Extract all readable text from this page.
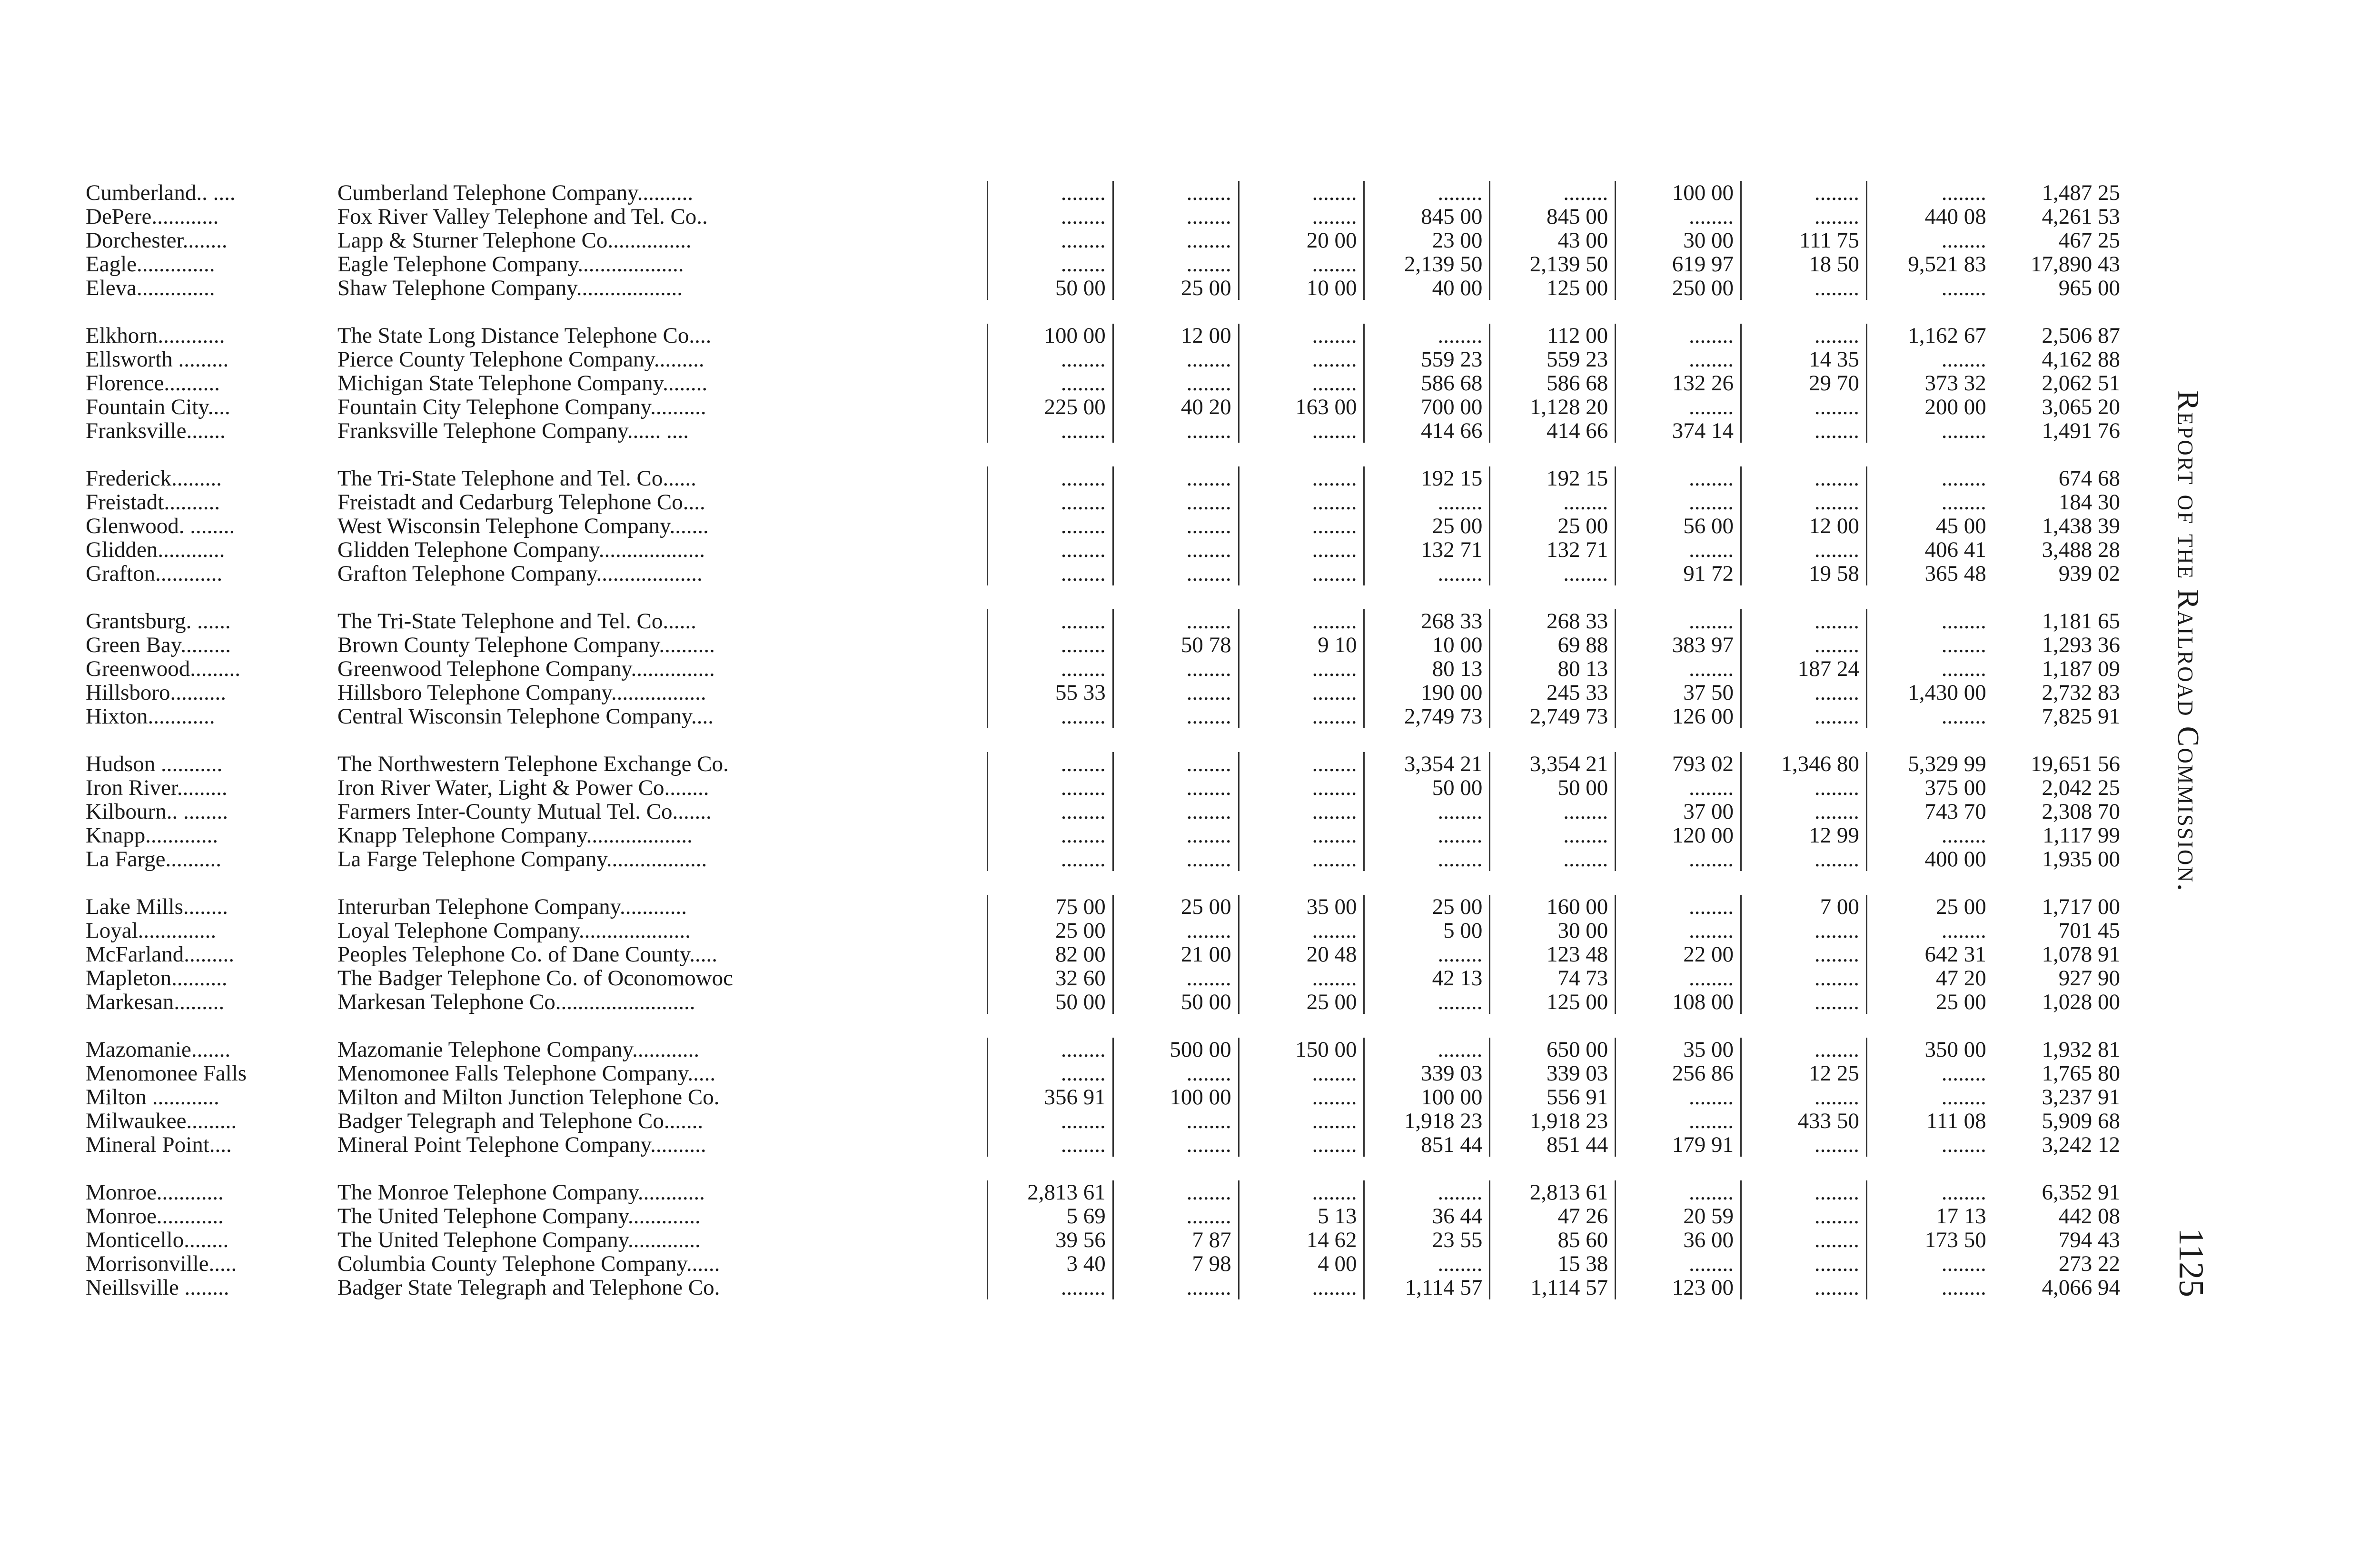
Cumberland.. ....	Cumberland Telephone Company..........	........	........	........	........	........	100 00	........	........	1,487 25
DePere............	Fox River Valley Telephone and Tel. Co..	........	........	........	845 00	845 00	........	........	440 08	4,261 53
Dorchester........	Lapp & Sturner Telephone Co...............	........	........	20 00	23 00	43 00	30 00	111 75	........	467 25
Eagle..............	Eagle Telephone Company...................	........	........	........	2,139 50	2,139 50	619 97	18 50	9,521 83	17,890 43
Eleva..............	Shaw Telephone Company...................	50 00	25 00	10 00	40 00	125 00	250 00	........	........	965 00
Elkhorn............	The State Long Distance Telephone Co....	100 00	12 00	........	........	112 00	........	........	1,162 67	2,506 87
Ellsworth .........	Pierce County Telephone Company.........	........	........	........	559 23	559 23	........	14 35	........	4,162 88
Florence..........	Michigan State Telephone Company........	........	........	........	586 68	586 68	132 26	29 70	373 32	2,062 51
Fountain City....	Fountain City Telephone Company..........	225 00	40 20	163 00	700 00	1,128 20	........	........	200 00	3,065 20
Franksville.......	Franksville Telephone Company...... ....	........	........	........	414 66	414 66	374 14	........	........	1,491 76
Frederick.........	The Tri-State Telephone and Tel. Co......	........	........	........	192 15	192 15	........	........	........	674 68
Freistadt..........	Freistadt and Cedarburg Telephone Co....	........	........	........	........	........	........	........	........	184 30
Glenwood. ........	West Wisconsin Telephone Company.......	........	........	........	25 00	25 00	56 00	12 00	45 00	1,438 39
Glidden............	Glidden Telephone Company...................	........	........	........	132 71	132 71	........	........	406 41	3,488 28
Grafton............	Grafton Telephone Company...................	........	........	........	........	........	91 72	19 58	365 48	939 02
Grantsburg. ......	The Tri-State Telephone and Tel. Co......	........	........	........	268 33	268 33	........	........	........	1,181 65
Green Bay.........	Brown County Telephone Company..........	........	50 78	9 10	10 00	69 88	383 97	........	........	1,293 36
Greenwood.........	Greenwood Telephone Company...............	........	........	........	80 13	80 13	........	187 24	........	1,187 09
Hillsboro..........	Hillsboro Telephone Company.................	55 33	........	........	190 00	245 33	37 50	........	1,430 00	2,732 83
Hixton............	Central Wisconsin Telephone Company....	........	........	........	2,749 73	2,749 73	126 00	........	........	7,825 91
Hudson ...........	The Northwestern Telephone Exchange Co.	........	........	........	3,354 21	3,354 21	793 02	1,346 80	5,329 99	19,651 56
Iron River.........	Iron River Water, Light & Power Co........	........	........	........	50 00	50 00	........	........	375 00	2,042 25
Kilbourn.. ........	Farmers Inter-County Mutual Tel. Co.......	........	........	........	........	........	37 00	........	743 70	2,308 70
Knapp.............	Knapp Telephone Company...................	........	........	........	........	........	120 00	12 99	........	1,117 99
La Farge..........	La Farge Telephone Company..................	........	........	........	........	........	........	........	400 00	1,935 00
Lake Mills........	Interurban Telephone Company............	75 00	25 00	35 00	25 00	160 00	........	7 00	25 00	1,717 00
Loyal..............	Loyal Telephone Company....................	25 00	........	........	5 00	30 00	........	........	........	701 45
McFarland.........	Peoples Telephone Co. of Dane County.....	82 00	21 00	20 48	........	123 48	22 00	........	642 31	1,078 91
Mapleton..........	The Badger Telephone Co. of Oconomowoc	32 60	........	........	42 13	74 73	........	........	47 20	927 90
Markesan.........	Markesan Telephone Co.........................	50 00	50 00	25 00	........	125 00	108 00	........	25 00	1,028 00
Mazomanie.......	Mazomanie Telephone Company............	........	500 00	150 00	........	650 00	35 00	........	350 00	1,932 81
Menomonee Falls	Menomonee Falls Telephone Company.....	........	........	........	339 03	339 03	256 86	12 25	........	1,765 80
Milton ............	Milton and Milton Junction Telephone Co.	356 91	100 00	........	100 00	556 91	........	........	........	3,237 91
Milwaukee.........	Badger Telegraph and Telephone Co.......	........	........	........	1,918 23	1,918 23	........	433 50	111 08	5,909 68
Mineral Point....	Mineral Point Telephone Company..........	........	........	........	851 44	851 44	179 91	........	........	3,242 12
Monroe............	The Monroe Telephone Company............	2,813 61	........	........	........	2,813 61	........	........	........	6,352 91
Monroe............	The United Telephone Company.............	5 69	........	5 13	36 44	47 26	20 59	........	17 13	442 08
Monticello........	The United Telephone Company.............	39 56	7 87	14 62	23 55	85 60	36 00	........	173 50	794 43
Morrisonville.....	Columbia County Telephone Company......	3 40	7 98	4 00	........	15 38	........	........	........	273 22
Neillsville ........	Badger State Telegraph and Telephone Co.	........	........	........	1,114 57	1,114 57	123 00	........	........	4,066 94
Report of the Railroad Commission.
1125
